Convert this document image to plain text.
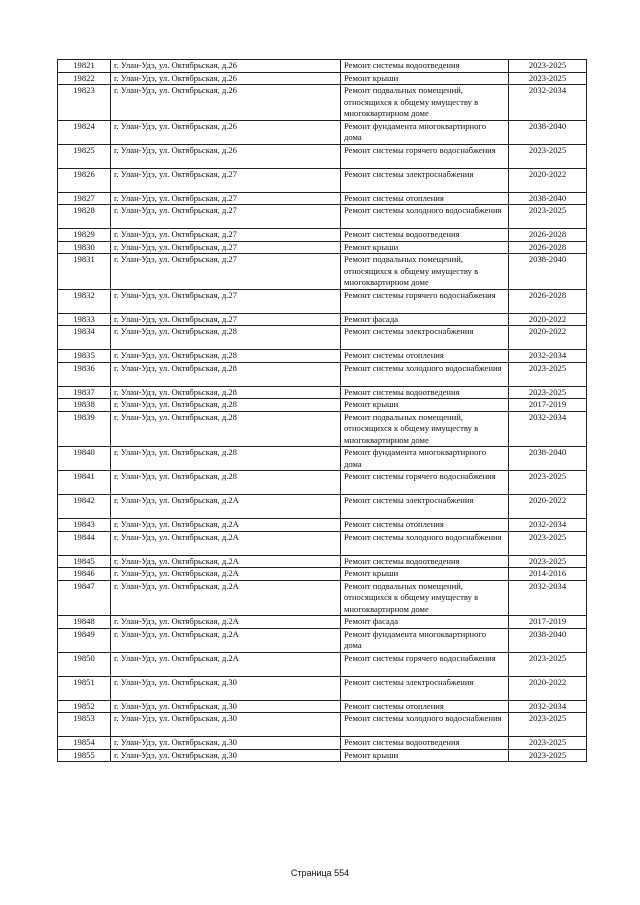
19821	г. Улан-Удэ, ул. Октябрьская, д.26	Ремонт системы водоотведения	2023-2025
19822	г. Улан-Удэ, ул. Октябрьская, д.26	Ремонт крыши	2023-2025
19823	г. Улан-Удэ, ул. Октябрьская, д.26	Ремонт подвальных помещений, относящихся к общему имуществу в многоквартирном доме	2032-2034
19824	г. Улан-Удэ, ул. Октябрьская, д.26	Ремонт фундамента многоквартирного дома	2038-2040
19825	г. Улан-Удэ, ул. Октябрьская, д.26	Ремонт системы горячего водоснабжения	2023-2025
19826	г. Улан-Удэ, ул. Октябрьская, д.27	Ремонт системы электроснабжения	2020-2022
19827	г. Улан-Удэ, ул. Октябрьская, д.27	Ремонт системы отопления	2038-2040
19828	г. Улан-Удэ, ул. Октябрьская, д.27	Ремонт системы холодного водоснабжения	2023-2025
19829	г. Улан-Удэ, ул. Октябрьская, д.27	Ремонт системы водоотведения	2026-2028
19830	г. Улан-Удэ, ул. Октябрьская, д.27	Ремонт крыши	2026-2028
19831	г. Улан-Удэ, ул. Октябрьская, д.27	Ремонт подвальных помещений, относящихся к общему имуществу в многоквартирном доме	2038-2040
19832	г. Улан-Удэ, ул. Октябрьская, д.27	Ремонт системы горячего водоснабжения	2026-2028
19833	г. Улан-Удэ, ул. Октябрьская, д.27	Ремонт фасада	2020-2022
19834	г. Улан-Удэ, ул. Октябрьская, д.28	Ремонт системы электроснабжения	2020-2022
19835	г. Улан-Удэ, ул. Октябрьская, д.28	Ремонт системы отопления	2032-2034
19836	г. Улан-Удэ, ул. Октябрьская, д.28	Ремонт системы холодного водоснабжения	2023-2025
19837	г. Улан-Удэ, ул. Октябрьская, д.28	Ремонт системы водоотведения	2023-2025
19838	г. Улан-Удэ, ул. Октябрьская, д.28	Ремонт крыши	2017-2019
19839	г. Улан-Удэ, ул. Октябрьская, д.28	Ремонт подвальных помещений, относящихся к общему имуществу в многоквартирном доме	2032-2034
19840	г. Улан-Удэ, ул. Октябрьская, д.28	Ремонт фундамента многоквартирного дома	2038-2040
19841	г. Улан-Удэ, ул. Октябрьская, д.28	Ремонт системы горячего водоснабжения	2023-2025
19842	г. Улан-Удэ, ул. Октябрьская, д.2А	Ремонт системы электроснабжения	2020-2022
19843	г. Улан-Удэ, ул. Октябрьская, д.2А	Ремонт системы отопления	2032-2034
19844	г. Улан-Удэ, ул. Октябрьская, д.2А	Ремонт системы холодного водоснабжения	2023-2025
19845	г. Улан-Удэ, ул. Октябрьская, д.2А	Ремонт системы водоотведения	2023-2025
19846	г. Улан-Удэ, ул. Октябрьская, д.2А	Ремонт крыши	2014-2016
19847	г. Улан-Удэ, ул. Октябрьская, д.2А	Ремонт подвальных помещений, относящихся к общему имуществу в многоквартирном доме	2032-2034
19848	г. Улан-Удэ, ул. Октябрьская, д.2А	Ремонт фасада	2017-2019
19849	г. Улан-Удэ, ул. Октябрьская, д.2А	Ремонт фундамента многоквартирного дома	2038-2040
19850	г. Улан-Удэ, ул. Октябрьская, д.2А	Ремонт системы горячего водоснабжения	2023-2025
19851	г. Улан-Удэ, ул. Октябрьская, д.30	Ремонт системы электроснабжения	2020-2022
19852	г. Улан-Удэ, ул. Октябрьская, д.30	Ремонт системы отопления	2032-2034
19853	г. Улан-Удэ, ул. Октябрьская, д.30	Ремонт системы холодного водоснабжения	2023-2025
19854	г. Улан-Удэ, ул. Октябрьская, д.30	Ремонт системы водоотведения	2023-2025
19855	г. Улан-Удэ, ул. Октябрьская, д.30	Ремонт крыши	2023-2025
Страница 554
